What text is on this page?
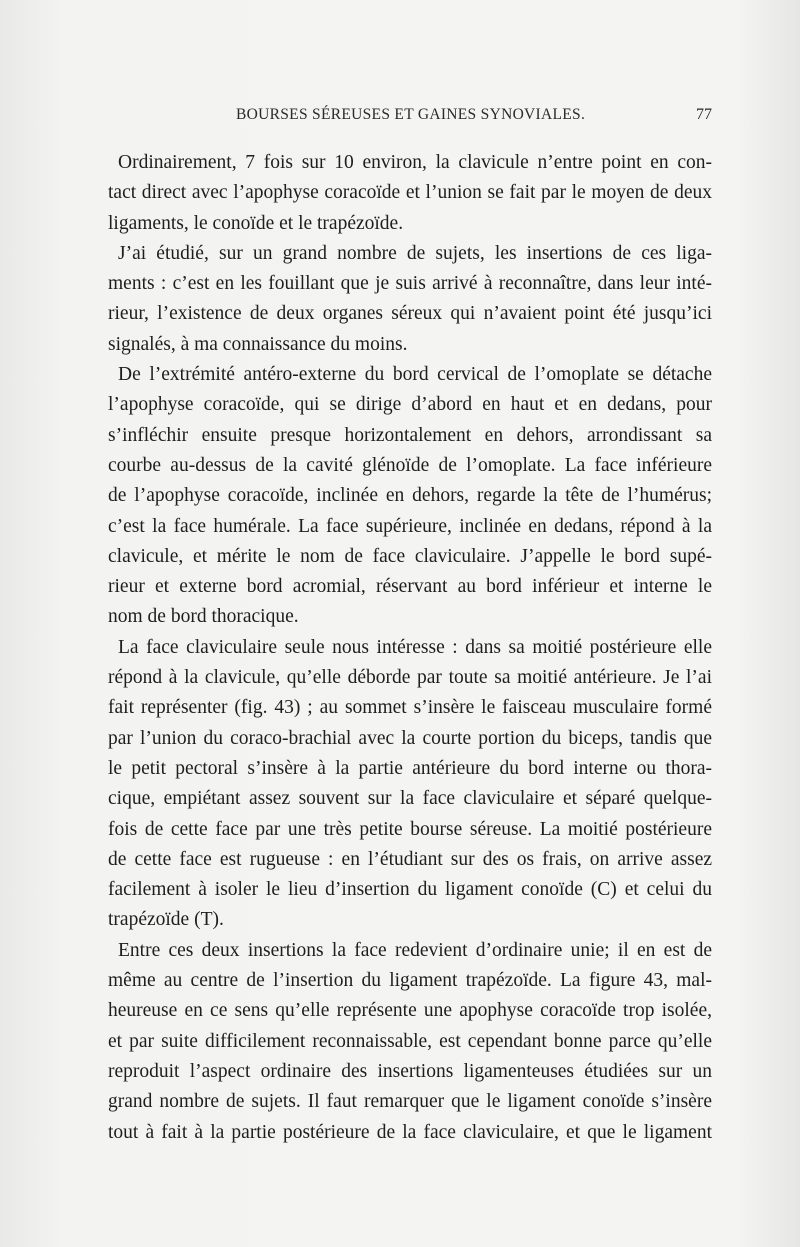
BOURSES SÉREUSES ET GAINES SYNOVIALES.	77
Ordinairement, 7 fois sur 10 environ, la clavicule n’entre point en con-
tact direct avec l’apophyse coracoïde et l’union se fait par le moyen de deux
ligaments, le conoïde et le trapézoïde.
J’ai étudié, sur un grand nombre de sujets, les insertions de ces liga-
ments : c’est en les fouillant que je suis arrivé à reconnaître, dans leur inté-
rieur, l’existence de deux organes séreux qui n’avaient point été jusqu’ici
signalés, à ma connaissance du moins.
De l’extrémité antéro-externe du bord cervical de l’omoplate se détache
l’apophyse coracoïde, qui se dirige d’abord en haut et en dedans, pour
s’infléchir ensuite presque horizontalement en dehors, arrondissant sa
courbe au-dessus de la cavité glénoïde de l’omoplate. La face inférieure
de l’apophyse coracoïde, inclinée en dehors, regarde la tête de l’humérus;
c’est la face humérale. La face supérieure, inclinée en dedans, répond à la
clavicule, et mérite le nom de face claviculaire. J’appelle le bord supé-
rieur et externe bord acromial, réservant au bord inférieur et interne le
nom de bord thoracique.
La face claviculaire seule nous intéresse : dans sa moitié postérieure elle
répond à la clavicule, qu’elle déborde par toute sa moitié antérieure. Je l’ai
fait représenter (fig. 43) ; au sommet s’insère le faisceau musculaire formé
par l’union du coraco-brachial avec la courte portion du biceps, tandis que
le petit pectoral s’insère à la partie antérieure du bord interne ou thora-
cique, empiétant assez souvent sur la face claviculaire et séparé quelque-
fois de cette face par une très petite bourse séreuse. La moitié postérieure
de cette face est rugueuse : en l’étudiant sur des os frais, on arrive assez
facilement à isoler le lieu d’insertion du ligament conoïde (C) et celui du
trapézoïde (T).
Entre ces deux insertions la face redevient d’ordinaire unie; il en est de
même au centre de l’insertion du ligament trapézoïde. La figure 43, mal-
heureuse en ce sens qu’elle représente une apophyse coracoïde trop isolée,
et par suite difficilement reconnaissable, est cependant bonne parce qu’elle
reproduit l’aspect ordinaire des insertions ligamenteuses étudiées sur un
grand nombre de sujets. Il faut remarquer que le ligament conoïde s’insère
tout à fait à la partie postérieure de la face claviculaire, et que le ligament
